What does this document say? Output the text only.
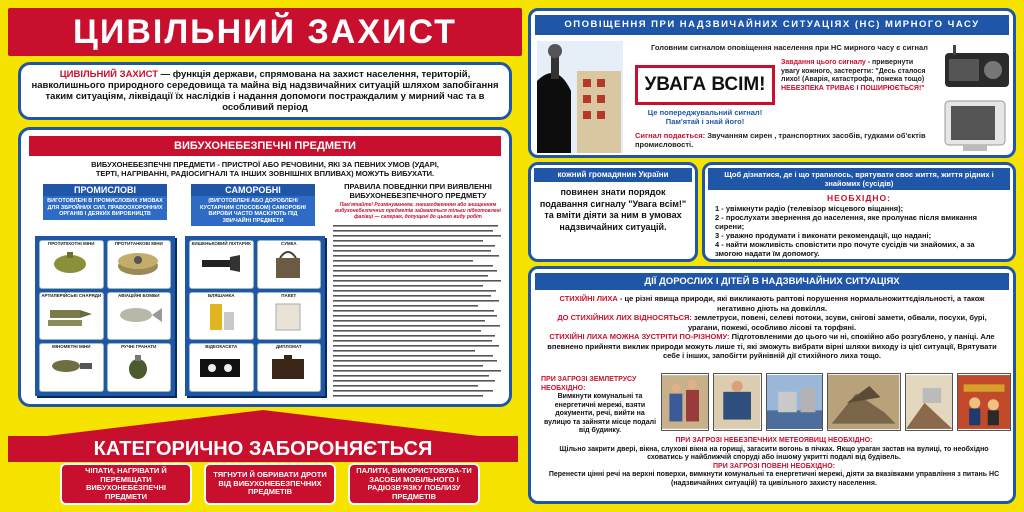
ЦИВІЛЬНИЙ ЗАХИСТ
ЦИВІЛЬНИЙ ЗАХИСТ — функція держави, спрямована на захист населення, територій, навколишнього природного середовища та майна від надзвичайних ситуацій шляхом запобігання таким ситуаціям, ліквідації їх наслідків і надання допомоги постраждалим у мирний час та в особливий період
ВИБУХОНЕБЕЗПЕЧНІ ПРЕДМЕТИ
ВИБУХОНЕБЕЗПЕЧНІ ПРЕДМЕТИ - ПРИСТРОЇ АБО РЕЧОВИНИ, ЯКІ ЗА ПЕВНИХ УМОВ (УДАРІ, ТЕРТІ, НАГРІВАННІ, РАДІОСИГНАЛІ ТА ІНШИХ ЗОВНІШНІХ ВПЛИВАХ) МОЖУТЬ ВИБУХАТИ.
ПРОМИСЛОВІ
ВИГОТОВЛЕНІ В ПРОМИСЛОВИХ УМОВАХ ДЛЯ ЗБРОЙНИХ СИЛ, ПРАВООХОРОННИХ ОРГАНІВ І ДЕЯКИХ ВИРОБНИЦТВ
САМОРОБНІ
(ВИГОТОВЛЕНІ АБО ДОРОБЛЕНІ КУСТАРНИМ СПОСОБОМ) САМОРОБНІ ВИРОБИ ЧАСТО МАСКУЮТЬ ПІД ЗВИЧАЙНІ ПРЕДМЕТИ
ПРОТИПІХОТНІ МІНИ	ПРОТИТАНКОВІ МІНИ
АРТИЛЕРІЙСЬКІ СНАРЯДИ	АВІАЦІЙНІ БОМБИ
МІНОМЕТНІ МІНИ	РУЧНІ ГРАНАТИ
КИШЕНЬКОВИЙ ЛІХТАРИК	СУМКА
БЛЯШАНКА	ПАКЕТ
ВІДЕОКАСЕТА	ДИПЛОМАТ
ПРАВИЛА ПОВЕДІНКИ ПРИ ВИЯВЛЕННІ ВИБУХОНЕБЕЗПЕЧНОГО ПРЕДМЕТУ
Пам'ятайте! Розмінуванням, знешкодженням або знищенням вибухонебезпечних предметів займаються тільки підготовлені фахівці — саперам, допущені до цього виду робіт
КАТЕГОРИЧНО ЗАБОРОНЯЄТЬСЯ
ЧІПАТИ, НАГРІВАТИ Й ПЕРЕМІЩАТИ ВИБУХОНЕБЕЗПЕЧНІ ПРЕДМЕТИ
ТЯГНУТИ Й ОБРИВАТИ ДРОТИ ВІД ВИБУХОНЕБЕЗПЕЧНИХ ПРЕДМЕТІВ
ПАЛИТИ, ВИКОРИСТОВУВА-ТИ ЗАСОБИ МОБІЛЬНОГО І РАДІОЗВ'ЯЗКУ ПОБЛИЗУ ПРЕДМЕТІВ
ОПОВІЩЕННЯ ПРИ НАДЗВИЧАЙНИХ СИТУАЦІЯХ (НС) МИРНОГО ЧАСУ
Головним сигналом оповіщення населення при НС мирного часу є сигнал
УВАГА ВСІМ!
Це попереджувальний сигнал!
Пам'ятай і знай його!
Завдання цього сигналу - привернути увагу кожного, застерегти: "Десь сталося лихо! (Аварія, катастрофа, пожежа тощо) НЕБЕЗПЕКА ТРИВАЄ І ПОШИРЮЄТЬСЯ!"
Сигнал подається: Звучанням сирен , транспортних засобів, гудками об'єктів промисловості.
кожний громадянин України
повинен знати порядок подавання сигналу "Увага всім!" та вміти діяти за ним в умовах надзвичайних ситуацій.
Щоб дізнатися, де і що трапилось, врятувати своє життя, життя рідних і знайомих (сусідів)
НЕОБХІДНО:
1 - увімкнути радіо (телевізор місцевого віщання);
2 - прослухати звернення до населення, яке пролунає після вмикання сирени;
3 - уважно продумати і виконати рекомендації, що надані;
4 - найти можливість сповістити про почуте сусідів чи знайомих, а за змогою надати їм допомогу.
ДІЇ ДОРОСЛИХ І ДІТЕЙ В НАДЗВИЧАЙНИХ СИТУАЦІЯХ
СТИХІЙНІ ЛИХА - це різні явища природи, які викликають раптові порушення нормальножиттєдіяльності, а також негативно діють на довкілля.
ДО СТИХІЙНИХ ЛИХ ВІДНОСЯТЬСЯ: землетруси, повені, селеві потоки, зсуви, снігові замети, обвали, посухи, бурі, урагани, пожежі, особливо лісові та торфяні.
СТИХІЙНІ ЛИХА МОЖНА ЗУСТРІТИ ПО-РІЗНОМУ: Підготовленими до цього чи ні, спокійно або розгублено, у паніці. Але впевнено прийняти виклик природи можуть лише ті, які зможуть вибрати вірні шляхи виходу із цієї ситуації, Врятувати себе і інших, запобігти руйнівній дії стихійного лиха тощо.
ПРИ ЗАГРОЗІ ЗЕМЛЕТРУСУ НЕОБХІДНО:
Вимкнути комунальні та енергетичні мережі, взяти документи, речі, вийти на вулицю та зайняти місце подалі від будинку.
ПРИ ЗАГРОЗІ НЕБЕЗПЕЧНИХ МЕТЕОЯВИЩ НЕОБХІДНО:
Щільно закрити двері, вікна, слухові вікна на горищі, загасити вогонь в пічках. Якщо ураган застав на вулиці, то необхідно сховатись у найближчій споруді або іншому укритті подалі від будівель.
ПРИ ЗАГРОЗІ ПОВЕНІ НЕОБХІДНО:
Перенести цінні речі на верхні поверхи, вимкнути комунальні та енергетичні мережі, діяти за вказівками управління з питань НС (надзвичайних ситуацій) та цивільного захисту населення.
